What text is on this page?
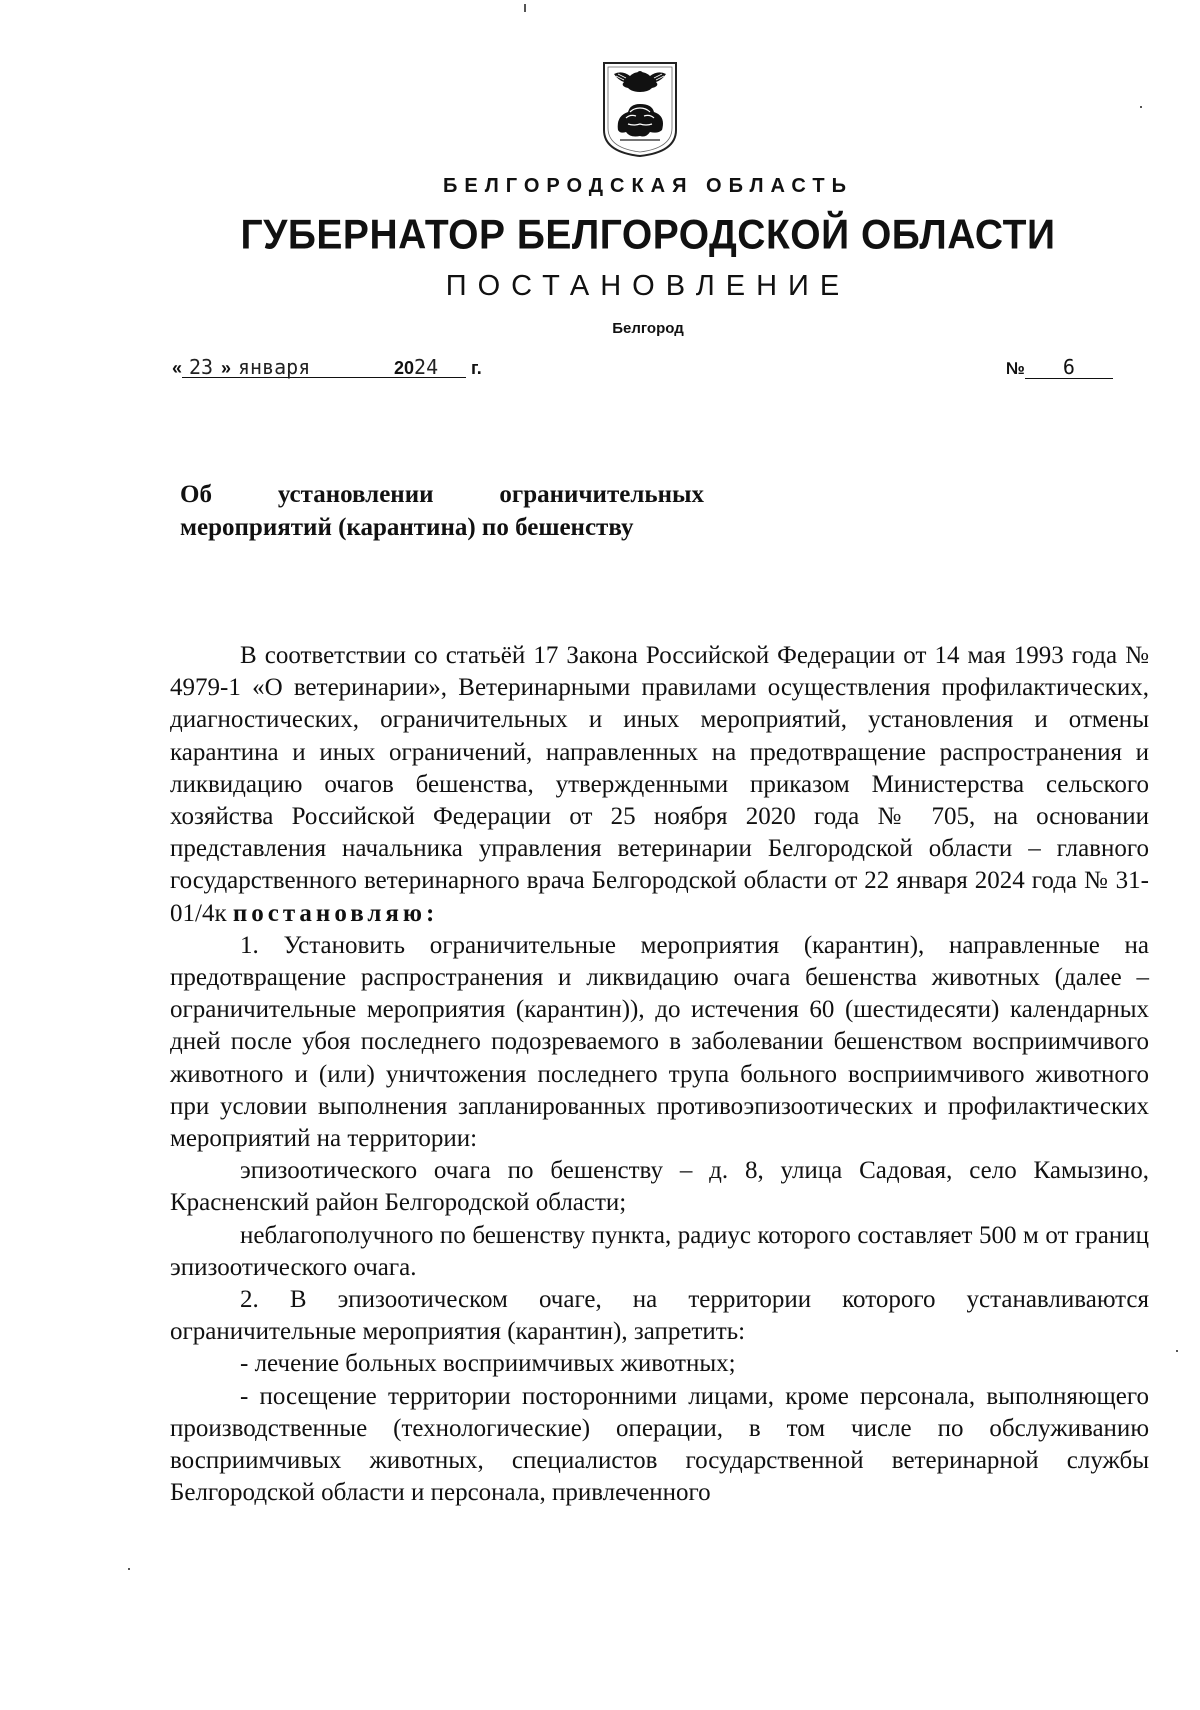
БЕЛГОРОДСКАЯ ОБЛАСТЬ
ГУБЕРНАТОР БЕЛГОРОДСКОЙ ОБЛАСТИ
ПОСТАНОВЛЕНИЕ
Белгород
« 23 » января	2024 г.	№ 6
Об	установлении	ограничительных
мероприятий (карантина) по бешенству

В соответствии со статьёй 17 Закона Российской Федерации от 14 мая 1993 года № 4979-1 «О ветеринарии», Ветеринарными правилами осуществления профилактических, диагностических, ограничительных и иных мероприятий, установления и отмены карантина и иных ограничений, направленных на предотвращение распространения и ликвидацию очагов бешенства, утвержденными приказом Министерства сельского хозяйства Российской Федерации от 25 ноября 2020 года № 705, на основании представления начальника управления ветеринарии Белгородской области – главного государственного ветеринарного врача Белгородской области от 22 января 2024 года № 31-01/4к постановляю:

1. Установить ограничительные мероприятия (карантин), направленные на предотвращение распространения и ликвидацию очага бешенства животных (далее – ограничительные мероприятия (карантин)), до истечения 60 (шестидесяти) календарных дней после убоя последнего подозреваемого в заболевании бешенством восприимчивого животного и (или) уничтожения последнего трупа больного восприимчивого животного при условии выполнения запланированных противоэпизоотических и профилактических мероприятий на территории:

эпизоотического очага по бешенству – д. 8, улица Садовая, село Камызино, Красненский район Белгородской области;

неблагополучного по бешенству пункта, радиус которого составляет 500 м от границ эпизоотического очага.

2. В эпизоотическом очаге, на территории которого устанавливаются ограничительные мероприятия (карантин), запретить:

- лечение больных восприимчивых животных;

- посещение территории посторонними лицами, кроме персонала, выполняющего производственные (технологические) операции, в том числе по обслуживанию восприимчивых животных, специалистов государственной ветеринарной службы Белгородской области и персонала, привлеченного
